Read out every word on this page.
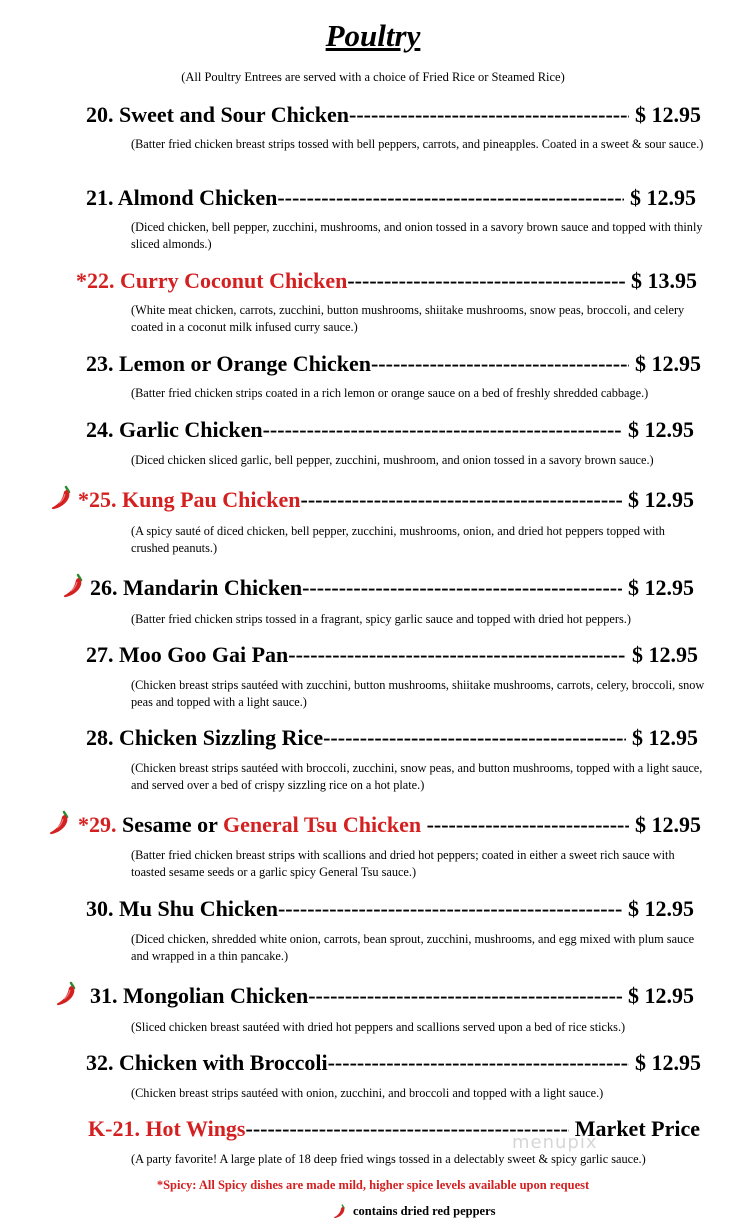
Poultry
(All Poultry Entrees are served with a choice of Fried Rice or Steamed Rice)
20. Sweet and Sour Chicken -----	$ 12.95
(Batter fried chicken breast strips tossed with bell peppers, carrots, and pineapples. Coated in a sweet & sour sauce.)
21. Almond Chicken -----	$ 12.95
(Diced chicken, bell pepper, zucchini, mushrooms, and onion tossed in a savory brown sauce and topped with thinly sliced almonds.)
*22. Curry Coconut Chicken -----	$ 13.95
(White meat chicken, carrots, zucchini, button mushrooms, shiitake mushrooms, snow peas, broccoli, and celery coated in a coconut milk infused curry sauce.)
23. Lemon or Orange Chicken -----	$ 12.95
(Batter fried chicken strips coated in a rich lemon or orange sauce on a bed of freshly shredded cabbage.)
24. Garlic Chicken -----	$ 12.95
(Diced chicken sliced garlic, bell pepper, zucchini, mushroom, and onion tossed in a savory brown sauce.)
*25. Kung Pau Chicken -----	$ 12.95
(A spicy sauté of diced chicken, bell pepper, zucchini, mushrooms, onion, and dried hot peppers topped with crushed peanuts.)
26. Mandarin Chicken -----	$ 12.95
(Batter fried chicken strips tossed in a fragrant, spicy garlic sauce and topped with dried hot peppers.)
27. Moo Goo Gai Pan -----	$ 12.95
(Chicken breast strips sautéed with zucchini, button mushrooms, shiitake mushrooms, carrots, celery, broccoli, snow peas and topped with a light sauce.)
28. Chicken Sizzling Rice -----	$ 12.95
(Chicken breast strips sautéed with broccoli, zucchini, snow peas, and button mushrooms, topped with a light sauce, and served over a bed of crispy sizzling rice on a hot plate.)
*29. Sesame or General Tsu Chicken -----	$ 12.95
(Batter fried chicken breast strips with scallions and dried hot peppers; coated in either a sweet rich sauce with toasted sesame seeds or a garlic spicy General Tsu sauce.)
30. Mu Shu Chicken -----	$ 12.95
(Diced chicken, shredded white onion, carrots, bean sprout, zucchini, mushrooms, and egg mixed with plum sauce and wrapped in a thin pancake.)
31. Mongolian Chicken -----	$ 12.95
(Sliced chicken breast sautéed with dried hot peppers and scallions served upon a bed of rice sticks.)
32. Chicken with Broccoli -----	$ 12.95
(Chicken breast strips sautéed with onion, zucchini, and broccoli and topped with a light sauce.)
K-21. Hot Wings -----	Market Price
(A party favorite! A large plate of 18 deep fried wings tossed in a delectably sweet & spicy garlic sauce.)
menupix
*Spicy: All Spicy dishes are made mild, higher spice levels available upon request
contains dried red peppers
